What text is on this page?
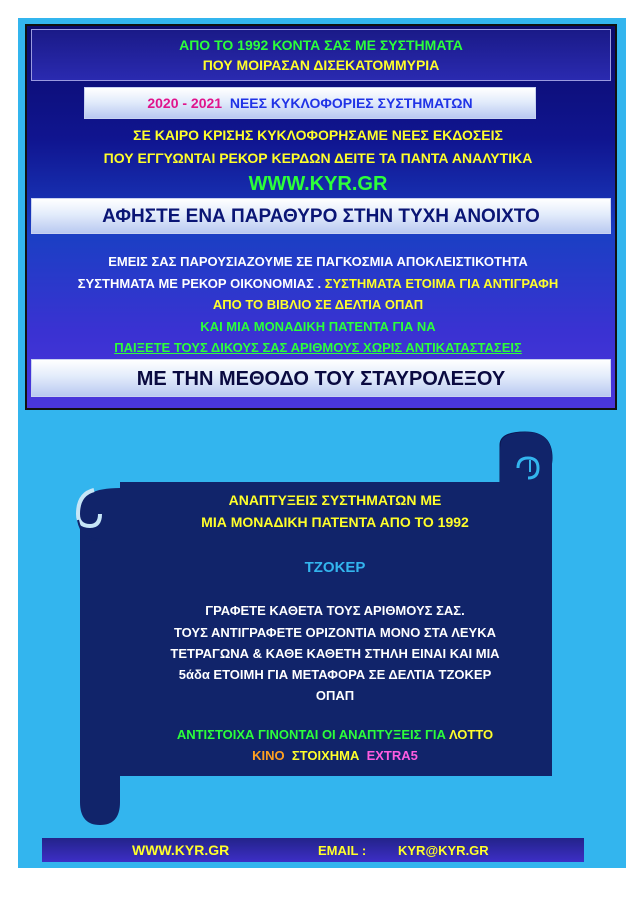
ΑΠΟ ΤΟ 1992 ΚΟΝΤΑ ΣΑΣ ΜΕ ΣΥΣΤΗΜΑΤΑ
ΠΟΥ ΜΟΙΡΑΣΑΝ ΔΙΣΕΚΑΤΟΜΜΥΡΙΑ
2020 - 2021 ΝΕΕΣ ΚΥΚΛΟΦΟΡΙΕΣ ΣΥΣΤΗΜΑΤΩΝ
ΣΕ ΚΑΙΡΟ ΚΡΙΣΗΣ ΚΥΚΛΟΦΟΡΗΣΑΜΕ ΝΕΕΣ ΕΚΔΟΣΕΙΣ
ΠΟΥ ΕΓΓΥΩΝΤΑΙ ΡΕΚΟΡ ΚΕΡΔΩΝ ΔΕΙΤΕ ΤΑ ΠΑΝΤΑ ΑΝΑΛΥΤΙΚΑ
WWW.KYR.GR
ΑΦΗΣΤΕ ΕΝΑ ΠΑΡΑΘΥΡΟ ΣΤΗΝ ΤΥΧΗ ΑΝΟΙΧΤΟ
ΕΜΕΙΣ ΣΑΣ ΠΑΡΟΥΣΙΑΖΟΥΜΕ ΣΕ ΠΑΓΚΟΣΜΙΑ ΑΠΟΚΛΕΙΣΤΙΚΟΤΗΤΑ
ΣΥΣΤΗΜΑΤΑ ΜΕ ΡΕΚΟΡ ΟΙΚΟΝΟΜΙΑΣ . ΣΥΣΤΗΜΑΤΑ ΕΤΟΙΜΑ ΓΙΑ ΑΝΤΙΓΡΑΦΗ
ΑΠΟ ΤΟ ΒΙΒΛΙΟ ΣΕ ΔΕΛΤΙΑ ΟΠΑΠ
ΚΑΙ ΜΙΑ ΜΟΝΑΔΙΚΗ ΠΑΤΕΝΤΑ ΓΙΑ ΝΑ
ΠΑΙΞΕΤΕ ΤΟΥΣ ΔΙΚΟΥΣ ΣΑΣ ΑΡΙΘΜΟΥΣ ΧΩΡΙΣ ΑΝΤΙΚΑΤΑΣΤΑΣΕΙΣ
ΜΕ ΤΗΝ ΜΕΘΟΔΟ ΤΟΥ ΣΤΑΥΡΟΛΕΞΟΥ
ΑΝΑΠΤΥΞΕΙΣ ΣΥΣΤΗΜΑΤΩΝ ΜΕ
ΜΙΑ ΜΟΝΑΔΙΚΗ ΠΑΤΕΝΤΑ ΑΠΟ ΤΟ 1992
ΤΖΟΚΕΡ
ΓΡΑΦΕΤΕ ΚΑΘΕΤΑ ΤΟΥΣ ΑΡΙΘΜΟΥΣ ΣΑΣ.
ΤΟΥΣ ΑΝΤΙΓΡΑΦΕΤΕ ΟΡΙΖΟΝΤΙΑ ΜΟΝΟ ΣΤΑ ΛΕΥΚΑ
ΤΕΤΡΑΓΩΝΑ & ΚΑΘΕ ΚΑΘΕΤΗ ΣΤΗΛΗ ΕΙΝΑΙ ΚΑΙ ΜΙΑ
5άδα ΕΤΟΙΜΗ ΓΙΑ ΜΕΤΑΦΟΡΑ ΣΕ ΔΕΛΤΙΑ ΤΖΟΚΕΡ
ΟΠΑΠ
ΑΝΤΙΣΤΟΙΧΑ ΓΙΝΟΝΤΑΙ ΟΙ ΑΝΑΠΤΥΞΕΙΣ ΓΙΑ ΛΟΤΤΟ
ΚΙΝΟ ΣΤΟΙΧΗΜΑ EXTRA5
WWW.KYR.GR	EMAIL : KYR@KYR.GR
